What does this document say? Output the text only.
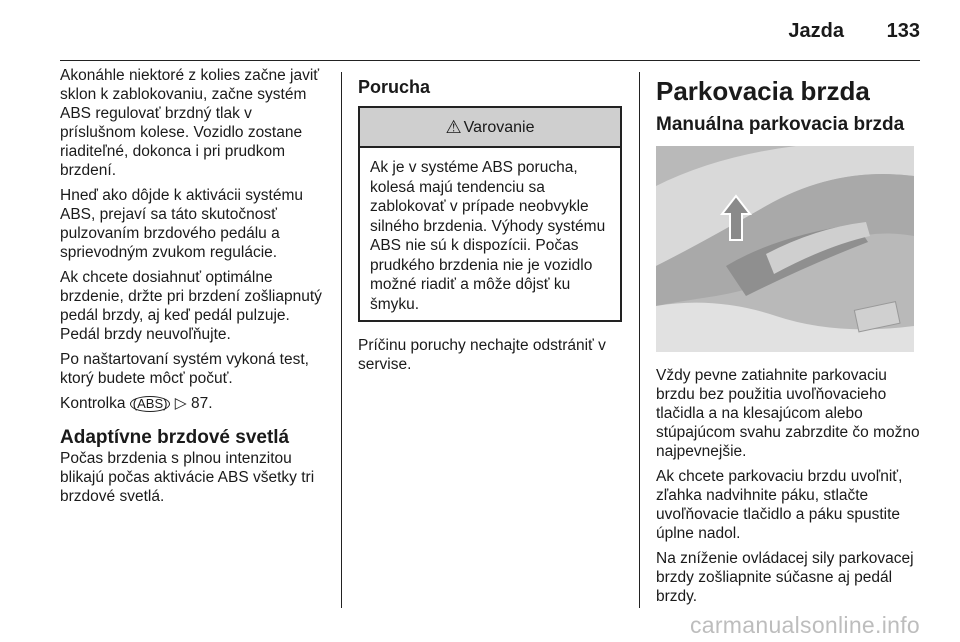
Jazda 133

Akonáhle niektoré z kolies začne javiť sklon k zablokovaniu, začne systém ABS regulovať brzdný tlak v príslušnom kolese. Vozidlo zostane riaditeľné, dokonca i pri prudkom brzdení.

Hneď ako dôjde k aktivácii systému ABS, prejaví sa táto skutočnosť pulzovaním brzdového pedálu a sprievodným zvukom regulácie.

Ak chcete dosiahnuť optimálne brzdenie, držte pri brzdení zošliapnutý pedál brzdy, aj keď pedál pulzuje. Pedál brzdy neuvoľňujte.

Po naštartovaní systém vykoná test, ktorý budete môcť počuť.

Kontrolka (ABS) ▷ 87.

Adaptívne brzdové svetlá

Počas brzdenia s plnou intenzitou blikajú počas aktivácie ABS všetky tri brzdové svetlá.

Porucha
⚠ Varovanie
Ak je v systéme ABS porucha, kolesá majú tendenciu sa zablokovať v prípade neobvykle silného brzdenia. Výhody systému ABS nie sú k dispozícii. Počas prudkého brzdenia nie je vozidlo možné riadiť a môže dôjsť ku šmyku.

Príčinu poruchy nechajte odstrániť v servise.

Parkovacia brzda
Manuálna parkovacia brzda

Vždy pevne zatiahnite parkovaciu brzdu bez použitia uvoľňovacieho tlačidla a na klesajúcom alebo stúpajúcom svahu zabrzdite čo možno najpevnejšie.

Ak chcete parkovaciu brzdu uvoľniť, zľahka nadvihnite páku, stlačte uvoľňovacie tlačidlo a páku spustite úplne nadol.

Na zníženie ovládacej sily parkovacej brzdy zošliapnite súčasne aj pedál brzdy.

carmanualsonline.info
